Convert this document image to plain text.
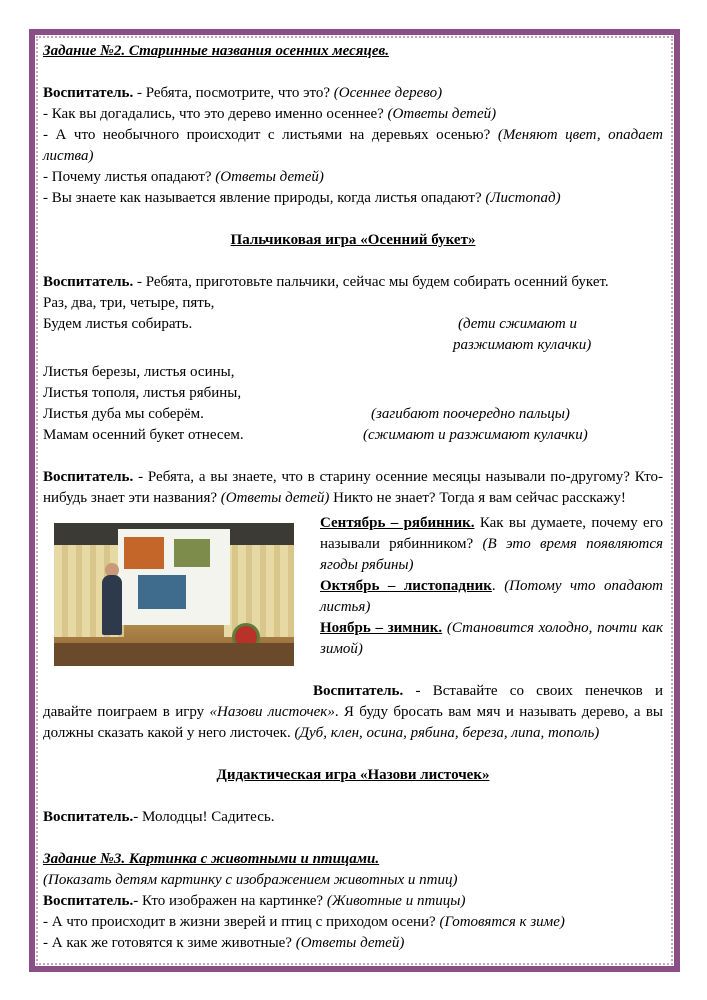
Задание №2. Старинные названия осенних месяцев.

Воспитатель. - Ребята, посмотрите, что это? (Осеннее дерево)

- Как вы догадались, что это дерево именно осеннее? (Ответы детей)

- А что необычного происходит с листьями на деревьях осенью? (Меняют цвет, опадает листва)

- Почему листья опадают? (Ответы детей)

- Вы знаете как называется явление природы, когда листья опадают? (Листопад)

Пальчиковая игра «Осенний букет»

Воспитатель. - Ребята, приготовьте пальчики, сейчас мы будем собирать осенний букет.

Раз, два, три, четыре, пять,
Будем листья собирать.	(дети сжимают и
разжимают кулачки)
Листья березы, листья осины,
Листья тополя, листья рябины,
Листья дуба мы соберём.	(загибают поочередно пальцы)
Мамам осенний букет отнесем.	(сжимают и разжимают кулачки)

Воспитатель. - Ребята, а вы знаете, что в старину осенние месяцы называли по-другому? Кто-нибудь знает эти названия? (Ответы детей) Никто не знает? Тогда я вам сейчас расскажу!

Сентябрь – рябинник. Как вы думаете, почему его называли рябинником? (В это время появляются ягоды рябины)

Октябрь – листопадник. (Потому что опадают листья)

Ноябрь – зимник. (Становится холодно, почти как зимой)

Воспитатель. - Вставайте со своих пенечков и давайте поиграем в игру «Назови листочек». Я буду бросать вам мяч и называть дерево, а вы должны сказать какой у него листочек. (Дуб, клен, осина, рябина, береза, липа, тополь)

Дидактическая игра «Назови листочек»

Воспитатель.- Молодцы! Садитесь.

Задание №3. Картинка с животными и птицами.

(Показать детям картинку с изображением животных и птиц)

Воспитатель.- Кто изображен на картинке? (Животные и птицы)

- А что происходит в жизни зверей и птиц с приходом осени? (Готовятся к зиме)

- А как же готовятся к зиме животные? (Ответы детей)
